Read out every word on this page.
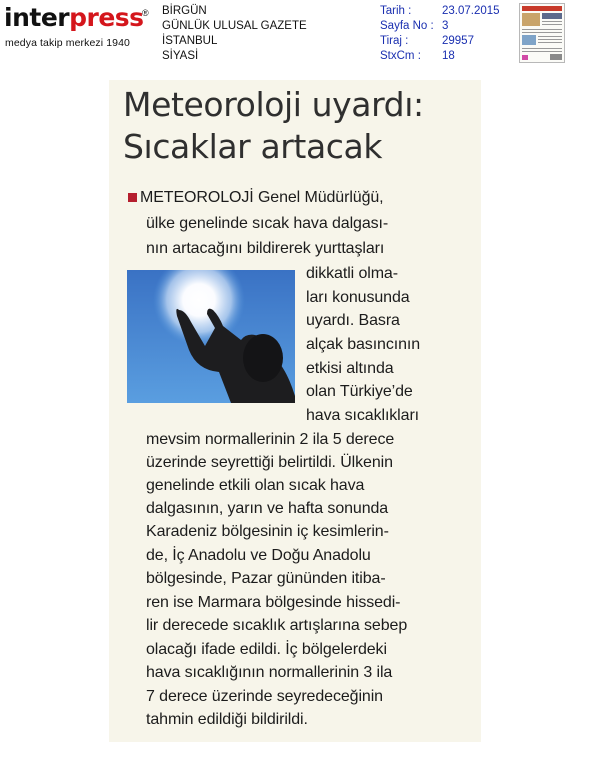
interpress
®
medya takip merkezi 1940
BİRGÜN
GÜNLÜK ULUSAL GAZETE
İSTANBUL
SİYASİ
Tarih :	23.07.2015
Sayfa No : 3
Tiraj :	29957
StxCm :	18
Meteoroloji uyardı:
Sıcaklar artacak
METEOROLOJİ Genel Müdürlüğü,
ülke genelinde sıcak hava dalgası-
nın artacağını bildirerek yurttaşları
dikkatli olma-
ları konusunda
uyardı. Basra
alçak basıncının
etkisi altında
olan Türkiye’de
hava sıcaklıkları
mevsim normallerinin 2 ila 5 derece
üzerinde seyrettiği belirtildi. Ülkenin
genelinde etkili olan sıcak hava
dalgasının, yarın ve hafta sonunda
Karadeniz bölgesinin iç kesimlerin-
de, İç Anadolu ve Doğu Anadolu
bölgesinde, Pazar gününden itiba-
ren ise Marmara bölgesinde hissedi-
lir derecede sıcaklık artışlarına sebep
olacağı ifade edildi. İç bölgelerdeki
hava sıcaklığının normallerinin 3 ila
7 derece üzerinde seyredeceğinin
tahmin edildiği bildirildi.
